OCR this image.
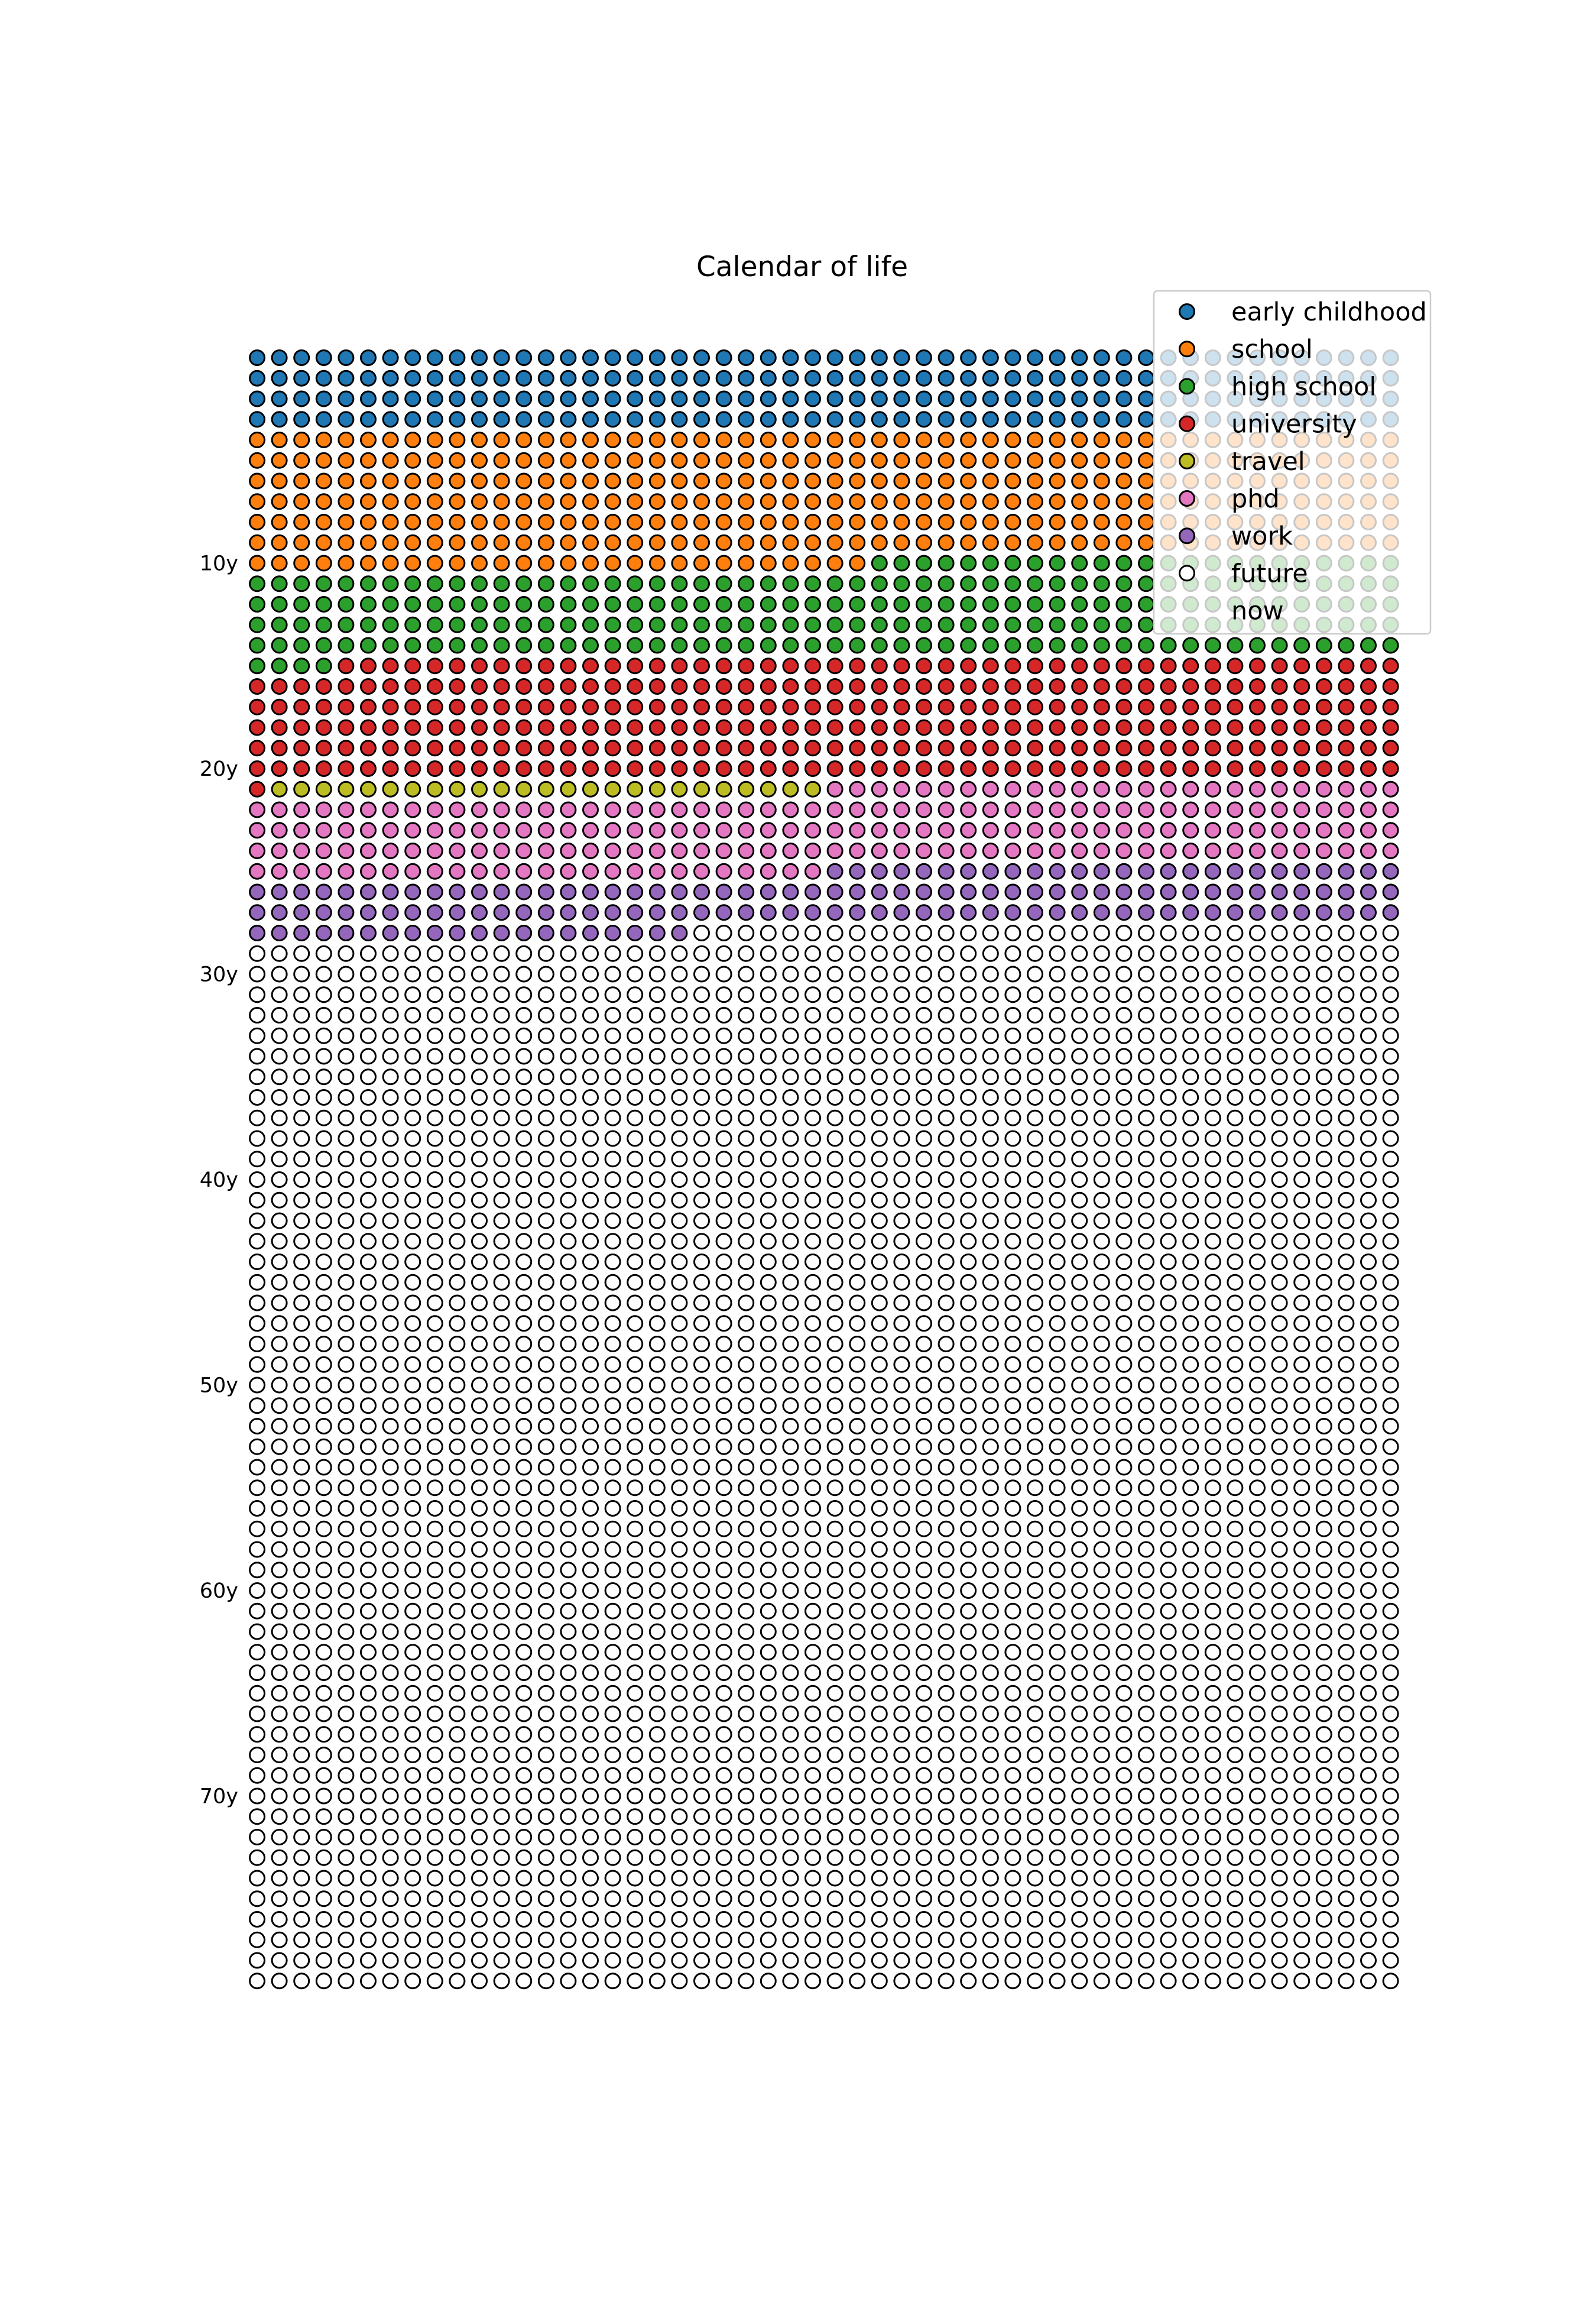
Calendar of life
10y
20y
30y
40y
50y
60y
70y
early childhood
school
high school
university
travel
phd
work
future
now
